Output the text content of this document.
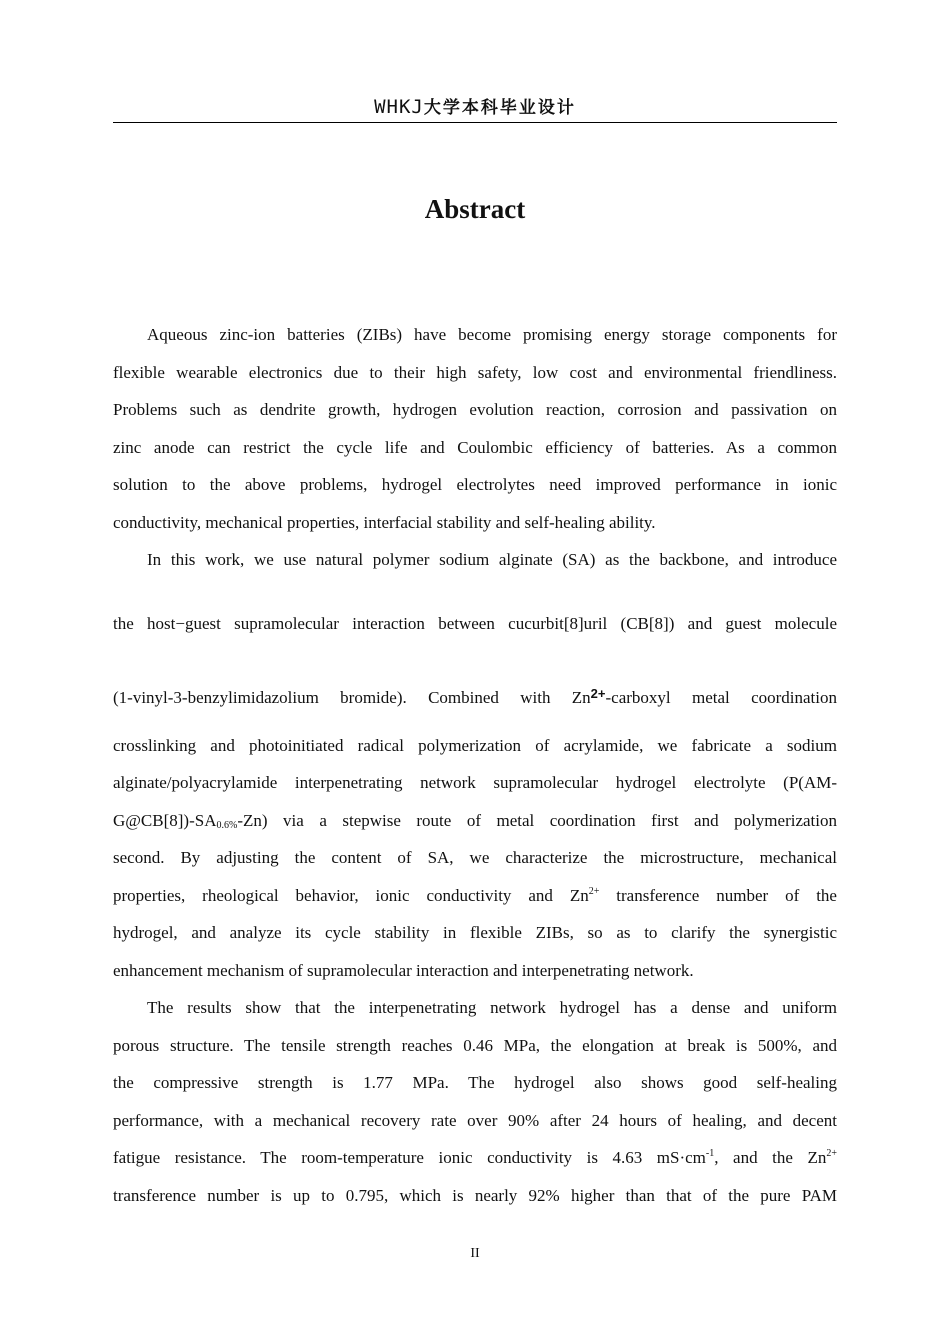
WHKJ大学本科毕业设计
Abstract

Aqueous zinc-ion batteries (ZIBs) have become promising energy storage components for
flexible wearable electronics due to their high safety, low cost and environmental friendliness.
Problems such as dendrite growth, hydrogen evolution reaction, corrosion and passivation on
zinc anode can restrict the cycle life and Coulombic efficiency of batteries. As a common
solution to the above problems, hydrogel electrolytes need improved performance in ionic
conductivity, mechanical properties, interfacial stability and self-healing ability.

In this work, we use natural polymer sodium alginate (SA) as the backbone, and introduce
the host−guest supramolecular interaction between cucurbit[8]uril (CB[8]) and guest molecule
(1-vinyl-3-benzylimidazolium bromide). Combined with $Zn^{2+}$-carboxyl metal coordination
crosslinking and photoinitiated radical polymerization of acrylamide, we fabricate a sodium
alginate/polyacrylamide interpenetrating network supramolecular hydrogel electrolyte (P(AM-
$G@CB[8])-SA_{0.6\%}-Zn$) via a stepwise route of metal coordination first and polymerization
second. By adjusting the content of SA, we characterize the microstructure, mechanical
properties, rheological behavior, ionic conductivity and $Zn^{2+}$ transference number of the
hydrogel, and analyze its cycle stability in flexible ZIBs, so as to clarify the synergistic
enhancement mechanism of supramolecular interaction and interpenetrating network.

The results show that the interpenetrating network hydrogel has a dense and uniform
porous structure. The tensile strength reaches 0.46 MPa, the elongation at break is 500%, and
the compressive strength is 1.77 MPa. The hydrogel also shows good self-healing
performance, with a mechanical recovery rate over 90% after 24 hours of healing, and decent
fatigue resistance. The room-temperature ionic conductivity is 4.63 $mS\cdot cm^{-1}$, and the $Zn^{2+}$
transference number is up to 0.795, which is nearly 92% higher than that of the pure PAM

II
